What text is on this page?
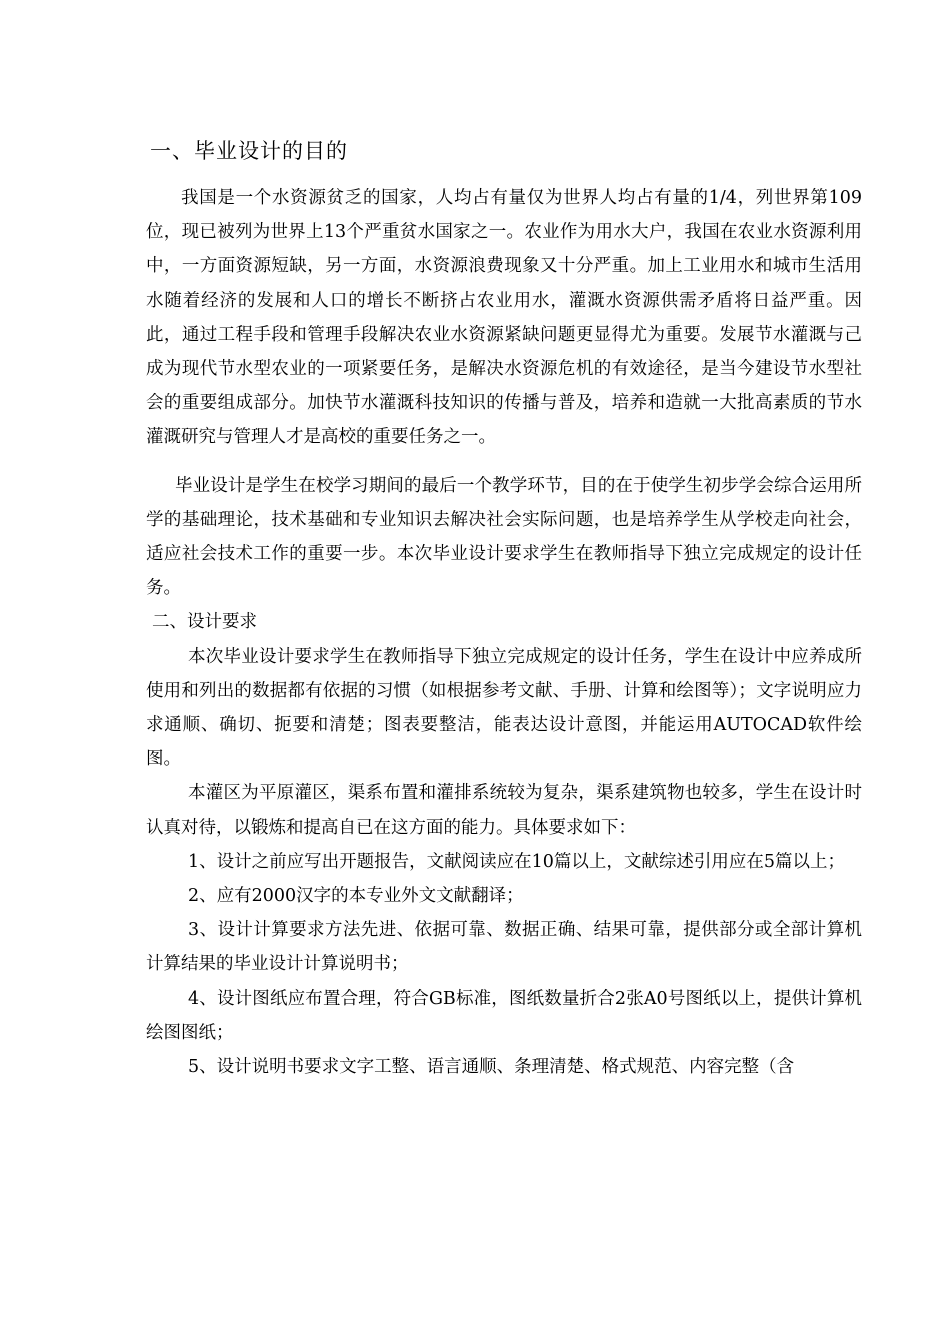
一、毕业设计的目的

我国是一个水资源贫乏的国家，人均占有量仅为世界人均占有量的1/4，列世界第109位，现已被列为世界上13个严重贫水国家之一。农业作为用水大户，我国在农业水资源利用中，一方面资源短缺，另一方面，水资源浪费现象又十分严重。加上工业用水和城市生活用水随着经济的发展和人口的增长不断挤占农业用水，灌溉水资源供需矛盾将日益严重。因此，通过工程手段和管理手段解决农业水资源紧缺问题更显得尤为重要。发展节水灌溉与己成为现代节水型农业的一项紧要任务，是解决水资源危机的有效途径，是当今建设节水型社会的重要组成部分。加快节水灌溉科技知识的传播与普及，培养和造就一大批高素质的节水灌溉研究与管理人才是高校的重要任务之一。

毕业设计是学生在校学习期间的最后一个教学环节，目的在于使学生初步学会综合运用所学的基础理论，技术基础和专业知识去解决社会实际问题，也是培养学生从学校走向社会，适应社会技术工作的重要一步。本次毕业设计要求学生在教师指导下独立完成规定的设计任务。

二、设计要求

本次毕业设计要求学生在教师指导下独立完成规定的设计任务，学生在设计中应养成所使用和列出的数据都有依据的习惯（如根据参考文献、手册、计算和绘图等）；文字说明应力求通顺、确切、扼要和清楚；图表要整洁，能表达设计意图，并能运用AUTOCAD软件绘图。

本灌区为平原灌区，渠系布置和灌排系统较为复杂，渠系建筑物也较多，学生在设计时认真对待，以锻炼和提高自已在这方面的能力。具体要求如下：

1、设计之前应写出开题报告，文献阅读应在10篇以上，文献综述引用应在5篇以上；

2、应有2000汉字的本专业外文文献翻译；

3、设计计算要求方法先进、依据可靠、数据正确、结果可靠，提供部分或全部计算机计算结果的毕业设计计算说明书；

4、设计图纸应布置合理，符合GB标准，图纸数量折合2张A0号图纸以上，提供计算机绘图图纸；

5、设计说明书要求文字工整、语言通顺、条理清楚、格式规范、内容完整（含
